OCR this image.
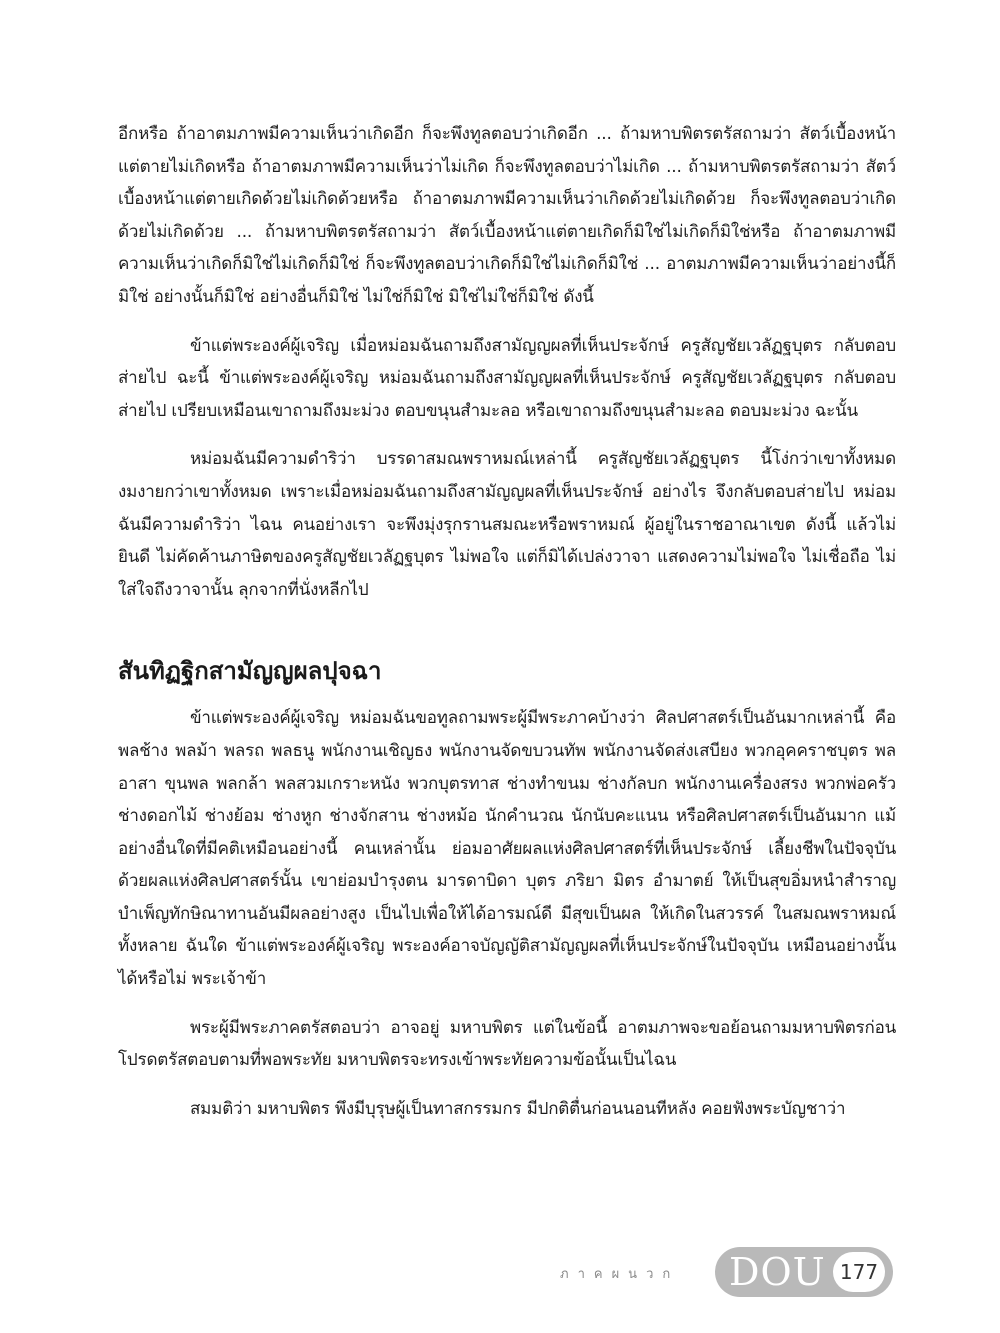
อีกหรือ ถ้าอาตมภาพมีความเห็นว่าเกิดอีก ก็จะพึงทูลตอบว่าเกิดอีก ... ถ้ามหาบพิตรตรัสถามว่า สัตว์เบื้องหน้าแต่ตายไม่เกิดหรือ ถ้าอาตมภาพมีความเห็นว่าไม่เกิด ก็จะพึงทูลตอบว่าไม่เกิด ... ถ้ามหาบพิตรตรัสถามว่า สัตว์เบื้องหน้าแต่ตายเกิดด้วยไม่เกิดด้วยหรือ ถ้าอาตมภาพมีความเห็นว่าเกิดด้วยไม่เกิดด้วย ก็จะพึงทูลตอบว่าเกิดด้วยไม่เกิดด้วย ... ถ้ามหาบพิตรตรัสถามว่า สัตว์เบื้องหน้าแต่ตายเกิดก็มิใช่ไม่เกิดก็มิใช่หรือ ถ้าอาตมภาพมีความเห็นว่าเกิดก็มิใช่ไม่เกิดก็มิใช่ ก็จะพึงทูลตอบว่าเกิดก็มิใช่ไม่เกิดก็มิใช่ ... อาตมภาพมีความเห็นว่าอย่างนี้ก็มิใช่ อย่างนั้นก็มิใช่ อย่างอื่นก็มิใช่ ไม่ใช่ก็มิใช่ มิใช่ไม่ใช่ก็มิใช่ ดังนี้

ข้าแต่พระองค์ผู้เจริญ เมื่อหม่อมฉันถามถึงสามัญญผลที่เห็นประจักษ์ ครูสัญชัยเวลัฏฐบุตร กลับตอบส่ายไป ฉะนี้ ข้าแต่พระองค์ผู้เจริญ หม่อมฉันถามถึงสามัญญผลที่เห็นประจักษ์ ครูสัญชัยเวลัฏฐบุตร กลับตอบส่ายไป เปรียบเหมือนเขาถามถึงมะม่วง ตอบขนุนสำมะลอ หรือเขาถามถึงขนุนสำมะลอ ตอบมะม่วง ฉะนั้น

หม่อมฉันมีความดำริว่า บรรดาสมณพราหมณ์เหล่านี้ ครูสัญชัยเวลัฏฐบุตร นี้โง่กว่าเขาทั้งหมด งมงายกว่าเขาทั้งหมด เพราะเมื่อหม่อมฉันถามถึงสามัญญผลที่เห็นประจักษ์ อย่างไร จึงกลับตอบส่ายไป หม่อมฉันมีความดำริว่า ไฉน คนอย่างเรา จะพึงมุ่งรุกรานสมณะหรือพราหมณ์ ผู้อยู่ในราชอาณาเขต ดังนี้ แล้วไม่ยินดี ไม่คัดค้านภาษิตของครูสัญชัยเวลัฏฐบุตร ไม่พอใจ แต่ก็มิได้เปล่งวาจา แสดงความไม่พอใจ ไม่เชื่อถือ ไม่ใส่ใจถึงวาจานั้น ลุกจากที่นั่งหลีกไป

สันทิฏฐิกสามัญญผลปุจฉา

ข้าแต่พระองค์ผู้เจริญ หม่อมฉันขอทูลถามพระผู้มีพระภาคบ้างว่า ศิลปศาสตร์เป็นอันมากเหล่านี้ คือพลช้าง พลม้า พลรถ พลธนู พนักงานเชิญธง พนักงานจัดขบวนทัพ พนักงานจัดส่งเสบียง พวกอุคคราชบุตร พลอาสา ขุนพล พลกล้า พลสวมเกราะหนัง พวกบุตรทาส ช่างทำขนม ช่างกัลบก พนักงานเครื่องสรง พวกพ่อครัว ช่างดอกไม้ ช่างย้อม ช่างหูก ช่างจักสาน ช่างหม้อ นักคำนวณ นักนับคะแนน หรือศิลปศาสตร์เป็นอันมาก แม้อย่างอื่นใดที่มีคติเหมือนอย่างนี้ คนเหล่านั้น ย่อมอาศัยผลแห่งศิลปศาสตร์ที่เห็นประจักษ์ เลี้ยงชีพในปัจจุบัน ด้วยผลแห่งศิลปศาสตร์นั้น เขาย่อมบำรุงตน มารดาบิดา บุตร ภริยา มิตร อำมาตย์ ให้เป็นสุขอิ่มหนำสำราญ บำเพ็ญทักษิณาทานอันมีผลอย่างสูง เป็นไปเพื่อให้ได้อารมณ์ดี มีสุขเป็นผล ให้เกิดในสวรรค์ ในสมณพราหมณ์ทั้งหลาย ฉันใด ข้าแต่พระองค์ผู้เจริญ พระองค์อาจบัญญัติสามัญญผลที่เห็นประจักษ์ในปัจจุบัน เหมือนอย่างนั้นได้หรือไม่ พระเจ้าข้า

พระผู้มีพระภาคตรัสตอบว่า อาจอยู่ มหาบพิตร แต่ในข้อนี้ อาตมภาพจะขอย้อนถามมหาบพิตรก่อน โปรดตรัสตอบตามที่พอพระทัย มหาบพิตรจะทรงเข้าพระทัยความข้อนั้นเป็นไฉน

สมมติว่า มหาบพิตร พึงมีบุรุษผู้เป็นทาสกรรมกร มีปกติตื่นก่อนนอนทีหลัง คอยฟังพระบัญชาว่า

ภาคผนวก DOU 177
